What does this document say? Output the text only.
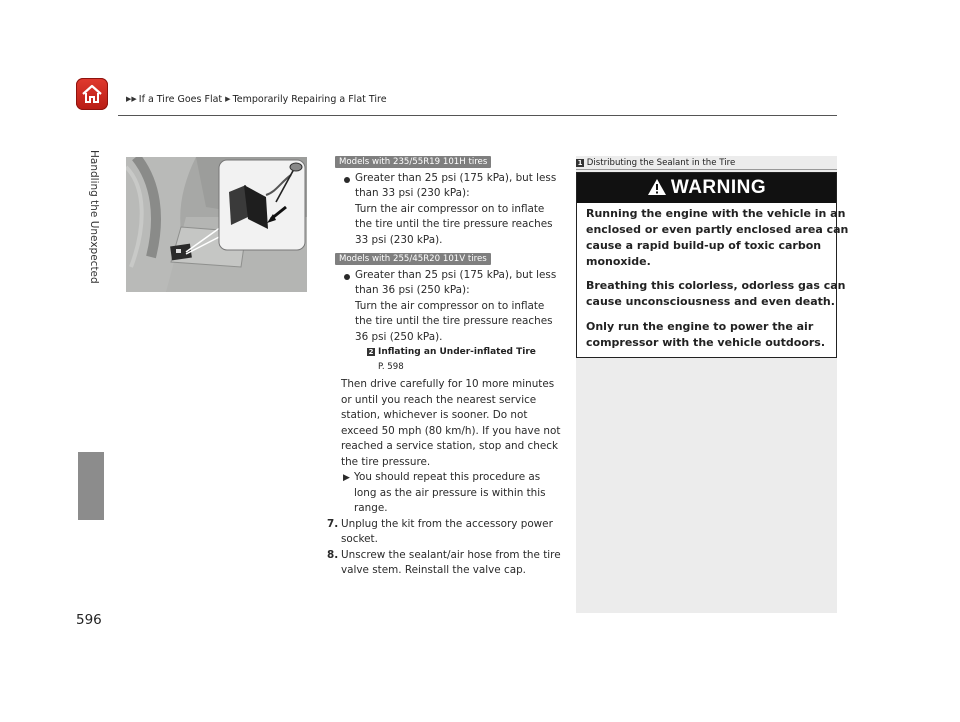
▶▶ If a Tire Goes Flat ▶ Temporarily Repairing a Flat Tire
Handling the Unexpected
596
Models with 235/55R19 101H tires
Greater than 25 psi (175 kPa), but less
than 33 psi (230 kPa):
Turn the air compressor on to inflate
the tire until the tire pressure reaches
33 psi (230 kPa).
Models with 255/45R20 101V tires
Greater than 25 psi (175 kPa), but less
than 36 psi (250 kPa):
Turn the air compressor on to inflate
the tire until the tire pressure reaches
36 psi (250 kPa).
2 Inflating an Under-inflated Tire
P. 598
Then drive carefully for 10 more minutes
or until you reach the nearest service
station, whichever is sooner. Do not
exceed 50 mph (80 km/h). If you have not
reached a service station, stop and check
the tire pressure.
▶ You should repeat this procedure as
long as the air pressure is within this
range.
7. Unplug the kit from the accessory power
socket.
8. Unscrew the sealant/air hose from the tire
valve stem. Reinstall the valve cap.
1 Distributing the Sealant in the Tire
WARNING
Running the engine with the vehicle in an
enclosed or even partly enclosed area can
cause a rapid build-up of toxic carbon
monoxide.
Breathing this colorless, odorless gas can
cause unconsciousness and even death.
Only run the engine to power the air
compressor with the vehicle outdoors.
